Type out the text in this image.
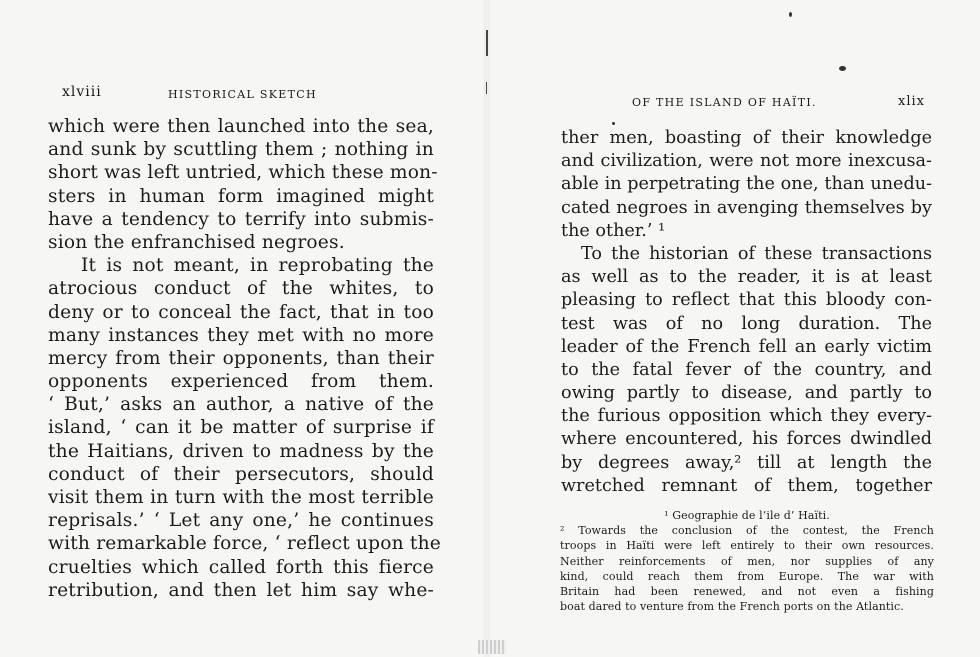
xlviii	HISTORICAL SKETCH
which were then launched into the sea,
and sunk by scuttling them ; nothing in
short was left untried, which these mon-
sters in human form imagined might
have a tendency to terrify into submis-
sion the enfranchised negroes.
It is not meant, in reprobating the
atrocious conduct of the whites, to
deny or to conceal the fact, that in too
many instances they met with no more
mercy from their opponents, than their
opponents experienced from them.
‘ But,’ asks an author, a native of the
island, ‘ can it be matter of surprise if
the Haitians, driven to madness by the
conduct of their persecutors, should
visit them in turn with the most terrible
reprisals.’ ‘ Let any one,’ he continues
with remarkable force, ‘ reflect upon the
cruelties which called forth this fierce
retribution, and then let him say whe-
OF THE ISLAND OF HAÏTI.	xlix
ther men, boasting of their knowledge
and civilization, were not more inexcusa-
able in perpetrating the one, than unedu-
cated negroes in avenging themselves by
the other.’ ¹
To the historian of these transactions
as well as to the reader, it is at least
pleasing to reflect that this bloody con-
test was of no long duration. The
leader of the French fell an early victim
to the fatal fever of the country, and
owing partly to disease, and partly to
the furious opposition which they every-
where encountered, his forces dwindled
by degrees away,² till at length the
wretched remnant of them, together
¹ Geographie de l’ile d’ Haïti.
² Towards the conclusion of the contest, the French
troops in Haïti were left entirely to their own resources.
Neither reinforcements of men, nor supplies of any
kind, could reach them from Europe. The war with
Britain had been renewed, and not even a fishing
boat dared to venture from the French ports on the Atlantic.
